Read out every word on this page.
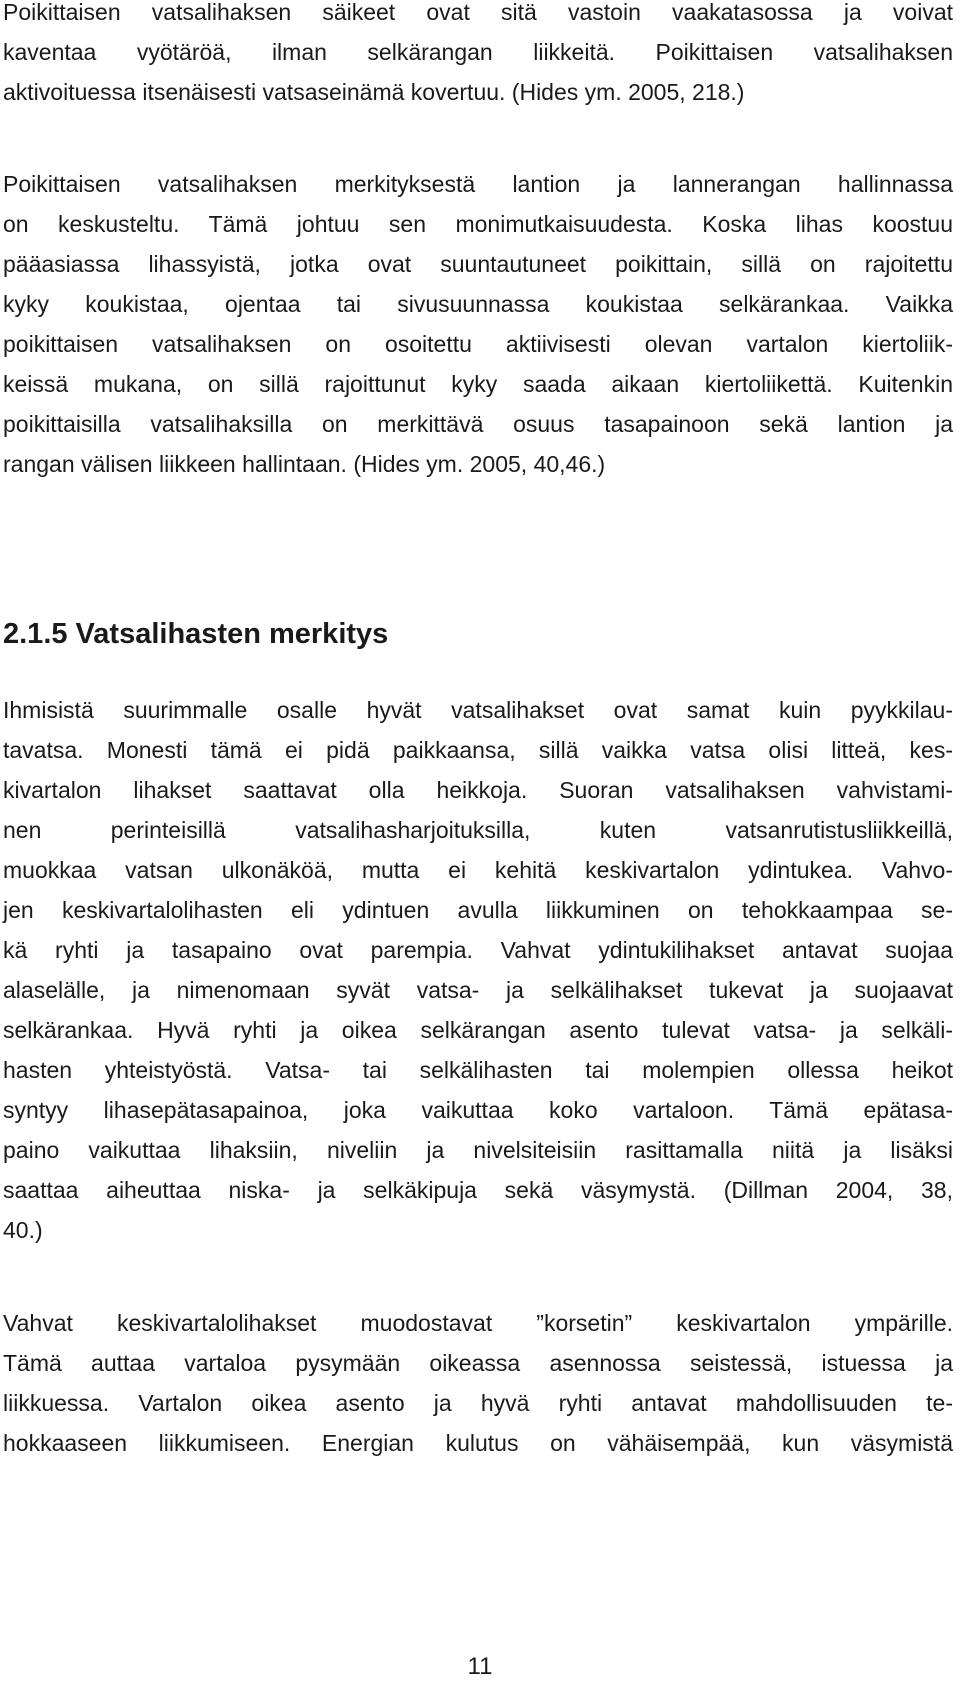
Poikittaisen vatsalihaksen säikeet ovat sitä vastoin vaakatasossa ja voivat
kaventaa vyötäröä, ilman selkärangan liikkeitä. Poikittaisen vatsalihaksen
aktivoituessa itsenäisesti vatsaseinämä kovertuu. (Hides ym. 2005, 218.)
Poikittaisen vatsalihaksen merkityksestä lantion ja lannerangan hallinnassa
on keskusteltu. Tämä johtuu sen monimutkaisuudesta. Koska lihas koostuu
pääasiassa lihassyistä, jotka ovat suuntautuneet poikittain, sillä on rajoitettu
kyky koukistaa, ojentaa tai sivusuunnassa koukistaa selkärankaa. Vaikka
poikittaisen vatsalihaksen on osoitettu aktiivisesti olevan vartalon kiertoliik-
keissä mukana, on sillä rajoittunut kyky saada aikaan kiertoliikettä. Kuitenkin
poikittaisilla vatsalihaksilla on merkittävä osuus tasapainoon sekä lantion ja
rangan välisen liikkeen hallintaan. (Hides ym. 2005, 40,46.)
2.1.5 Vatsalihasten merkitys
Ihmisistä suurimmalle osalle hyvät vatsalihakset ovat samat kuin pyykkilau-
tavatsa. Monesti tämä ei pidä paikkaansa, sillä vaikka vatsa olisi litteä, kes-
kivartalon lihakset saattavat olla heikkoja. Suoran vatsalihaksen vahvistami-
nen perinteisillä vatsalihasharjoituksilla, kuten vatsanrutistusliikkeillä,
muokkaa vatsan ulkonäköä, mutta ei kehitä keskivartalon ydintukea. Vahvo-
jen keskivartalolihasten eli ydintuen avulla liikkuminen on tehokkaampaa se-
kä ryhti ja tasapaino ovat parempia. Vahvat ydintukilihakset antavat suojaa
alaselälle, ja nimenomaan syvät vatsa- ja selkälihakset tukevat ja suojaavat
selkärankaa. Hyvä ryhti ja oikea selkärangan asento tulevat vatsa- ja selkäli-
hasten yhteistyöstä. Vatsa- tai selkälihasten tai molempien ollessa heikot
syntyy lihasepätasapainoa, joka vaikuttaa koko vartaloon. Tämä epätasa-
paino vaikuttaa lihaksiin, niveliin ja nivelsiteisiin rasittamalla niitä ja lisäksi
saattaa aiheuttaa niska- ja selkäkipuja sekä väsymystä. (Dillman 2004, 38,
40.)
Vahvat keskivartalolihakset muodostavat ”korsetin” keskivartalon ympärille.
Tämä auttaa vartaloa pysymään oikeassa asennossa seistessä, istuessa ja
liikkuessa. Vartalon oikea asento ja hyvä ryhti antavat mahdollisuuden te-
hokkaaseen liikkumiseen. Energian kulutus on vähäisempää, kun väsymistä
11
